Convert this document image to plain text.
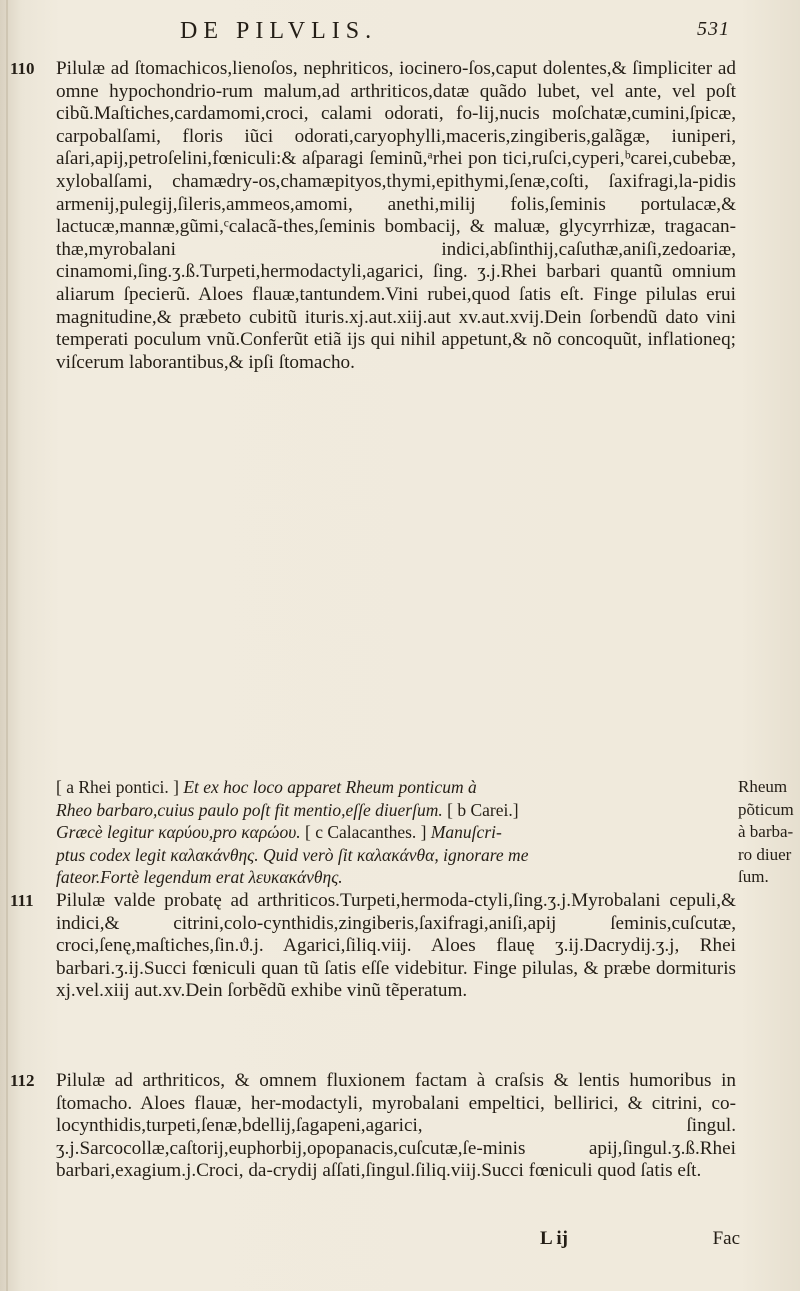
DE PILVLIS.	531
110 Pilulæ ad ſtomachicos,lienoſos, nephriticos, iocinero-ſos,caput dolentes,& ſimpliciter ad omne hypochondrio-rum malum,ad arthriticos,datæ quãdo lubet, vel ante, vel poſt cibũ.Maſtiches,cardamomi,croci, calami odorati, fo-lij,nucis moſchatæ,cumini,ſpicæ, carpobalſami, floris iũci odorati,caryophylli,maceris,zingiberis,galãgæ, iuniperi, aſari,apij,petroſelini,fœniculi:& aſparagi ſeminũ,ᵃrhei pon tici,ruſci,cyperi,ᵇcarei,cubebæ, xylobalſami, chamædry-os,chamæpityos,thymi,epithymi,ſenæ,coſti, ſaxifragi,la-pidis armenij,pulegij,ſileris,ammeos,amomi, anethi,milij folis,ſeminis portulacæ,& lactucæ,mannæ,gũmi,ᶜcalacã-thes,ſeminis bombacij, & maluæ, glycyrrhizæ, tragacan-thæ,myrobalani indici,abſinthij,caſuthæ,aniſi,zedoariæ, cinamomi,ſing.ʒ.ß.Turpeti,hermodactyli,agarici, ſing. ʒ.j.Rhei barbari quantũ omnium aliarum ſpecierũ. Aloes flauæ,tantundem.Vini rubei,quod ſatis eſt. Finge pilulas erui magnitudine,& præbeto cubitũ ituris.xj.aut.xiij.aut xv.aut.xvij.Dein ſorbendũ dato vini temperati poculum vnũ.Conferũt etiã ijs qui nihil appetunt,& nõ concoquũt, inflationeq; viſcerum laborantibus,& ipſi ſtomacho.
[ a Rhei pontici. ] Et ex hoc loco apparet Rheum ponticum à
Rheo barbaro,cuius paulo poſt fit mentio,eſſe diuerſum. [ b Carei.]
Græcè legitur καρύου,pro καρώου. [ c Calacanthes. ] Manuſcri-
ptus codex legit καλακάνθης. Quid verò ſit καλακάνθα, ignorare me
fateor.Fortè legendum erat λευκακάνθης.
Rheum
põticum
à barba-
ro diuer
ſum.
111 Pilulæ valde probatę ad arthriticos.Turpeti,hermoda-ctyli,ſing.ʒ.j.Myrobalani cepuli,& indici,& citrini,colo-cynthidis,zingiberis,ſaxifragi,aniſi,apij ſeminis,cuſcutæ, croci,ſenę,maſtiches,ſin.ϑ.j. Agarici,ſiliq.viij. Aloes flauę ʒ.ij.Dacrydij.ʒ.j, Rhei barbari.ʒ.ij.Succi fœniculi quan tũ ſatis eſſe videbitur. Finge pilulas, & præbe dormituris xj.vel.xiij aut.xv.Dein ſorbẽdũ exhibe vinũ tẽperatum.
112 Pilulæ ad arthriticos, & omnem fluxionem factam à craſsis & lentis humoribus in ſtomacho. Aloes flauæ, her-modactyli, myrobalani empeltici, bellirici, & citrini, co-locynthidis,turpeti,ſenæ,bdellij,ſagapeni,agarici, ſingul. ʒ.j.Sarcocollæ,caſtorij,euphorbij,opopanacis,cuſcutæ,ſe-minis apij,ſingul.ʒ.ß.Rhei barbari,exagium.j.Croci, da-crydij aſſati,ſingul.ſiliq.viij.Succi fœniculi quod ſatis eſt.
L ij	Fac
